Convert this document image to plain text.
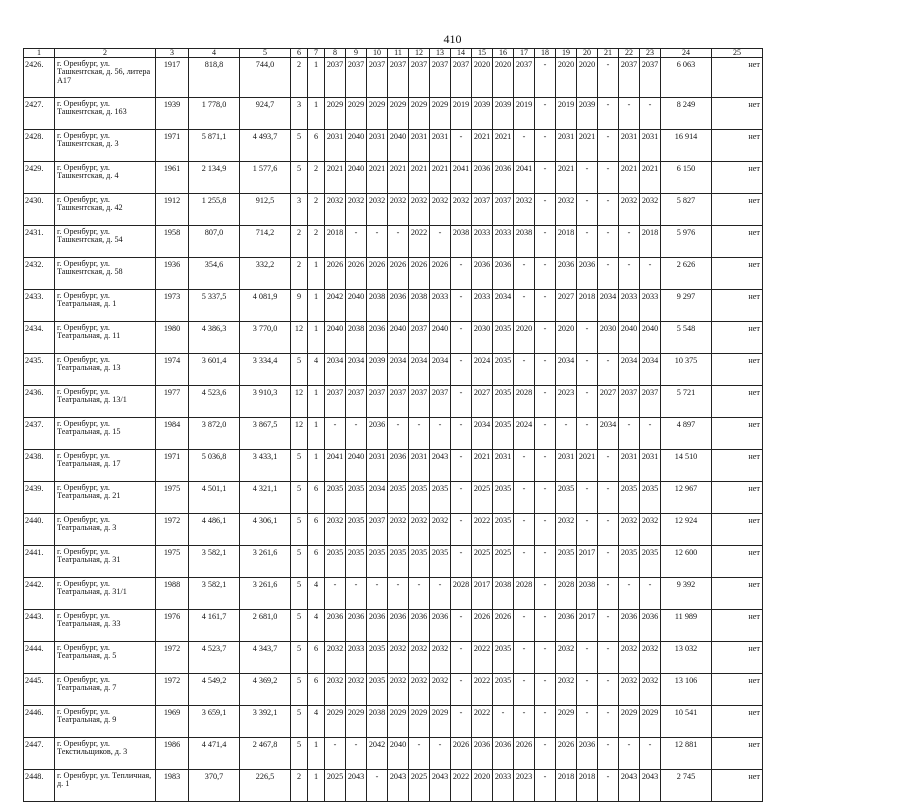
410
1	2	3	4	5	6	7	8	9	10	11	12	13	14	15	16	17	18	19	20	21	22	23	24	25
2426.	г. Оренбург, ул. Ташкентская, д. 56, литера А17	1917	818,8	744,0	2	1	2037	2037	2037	2037	2037	2037	2037	2020	2020	2037	-	2020	2020	-	2037	2037	6 063	нет
2427.	г. Оренбург, ул. Ташкентская, д. 163	1939	1 778,0	924,7	3	1	2029	2029	2029	2029	2029	2029	2019	2039	2039	2019	-	2019	2039	-	-	-	8 249	нет
2428.	г. Оренбург, ул. Ташкентская, д. 3	1971	5 871,1	4 493,7	5	6	2031	2040	2031	2040	2031	2031	-	2021	2021	-	-	2031	2021	-	2031	2031	16 914	нет
2429.	г. Оренбург, ул. Ташкентская, д. 4	1961	2 134,9	1 577,6	5	2	2021	2040	2021	2021	2021	2021	2041	2036	2036	2041	-	2021	-	-	2021	2021	6 150	нет
2430.	г. Оренбург, ул. Ташкентская, д. 42	1912	1 255,8	912,5	3	2	2032	2032	2032	2032	2032	2032	2032	2037	2037	2032	-	2032	-	-	2032	2032	5 827	нет
2431.	г. Оренбург, ул. Ташкентская, д. 54	1958	807,0	714,2	2	2	2018	-	-	-	2022	-	2038	2033	2033	2038	-	2018	-	-	-	2018	5 976	нет
2432.	г. Оренбург, ул. Ташкентская, д. 58	1936	354,6	332,2	2	1	2026	2026	2026	2026	2026	2026	-	2036	2036	-	-	2036	2036	-	-	-	2 626	нет
2433.	г. Оренбург, ул. Театральная, д. 1	1973	5 337,5	4 081,9	9	1	2042	2040	2038	2036	2038	2033	-	2033	2034	-	-	2027	2018	2034	2033	2033	9 297	нет
2434.	г. Оренбург, ул. Театральная, д. 11	1980	4 386,3	3 770,0	12	1	2040	2038	2036	2040	2037	2040	-	2030	2035	2020	-	2020	-	2030	2040	2040	5 548	нет
2435.	г. Оренбург, ул. Театральная, д. 13	1974	3 601,4	3 334,4	5	4	2034	2034	2039	2034	2034	2034	-	2024	2035	-	-	2034	-	-	2034	2034	10 375	нет
2436.	г. Оренбург, ул. Театральная, д. 13/1	1977	4 523,6	3 910,3	12	1	2037	2037	2037	2037	2037	2037	-	2027	2035	2028	-	2023	-	2027	2037	2037	5 721	нет
2437.	г. Оренбург, ул. Театральная, д. 15	1984	3 872,0	3 867,5	12	1	-	-	2036	-	-	-	-	2034	2035	2024	-	-	-	2034	-	-	4 897	нет
2438.	г. Оренбург, ул. Театральная, д. 17	1971	5 036,8	3 433,1	5	1	2041	2040	2031	2036	2031	2043	-	2021	2031	-	-	2031	2021	-	2031	2031	14 510	нет
2439.	г. Оренбург, ул. Театральная, д. 21	1975	4 501,1	4 321,1	5	6	2035	2035	2034	2035	2035	2035	-	2025	2035	-	-	2035	-	-	2035	2035	12 967	нет
2440.	г. Оренбург, ул. Театральная, д. 3	1972	4 486,1	4 306,1	5	6	2032	2035	2037	2032	2032	2032	-	2022	2035	-	-	2032	-	-	2032	2032	12 924	нет
2441.	г. Оренбург, ул. Театральная, д. 31	1975	3 582,1	3 261,6	5	6	2035	2035	2035	2035	2035	2035	-	2025	2025	-	-	2035	2017	-	2035	2035	12 600	нет
2442.	г. Оренбург, ул. Театральная, д. 31/1	1988	3 582,1	3 261,6	5	4	-	-	-	-	-	-	2028	2017	2038	2028	-	2028	2038	-	-	-	9 392	нет
2443.	г. Оренбург, ул. Театральная, д. 33	1976	4 161,7	2 681,0	5	4	2036	2036	2036	2036	2036	2036	-	2026	2026	-	-	2036	2017	-	2036	2036	11 989	нет
2444.	г. Оренбург, ул. Театральная, д. 5	1972	4 523,7	4 343,7	5	6	2032	2033	2035	2032	2032	2032	-	2022	2035	-	-	2032	-	-	2032	2032	13 032	нет
2445.	г. Оренбург, ул. Театральная, д. 7	1972	4 549,2	4 369,2	5	6	2032	2032	2035	2032	2032	2032	-	2022	2035	-	-	2032	-	-	2032	2032	13 106	нет
2446.	г. Оренбург, ул. Театральная, д. 9	1969	3 659,1	3 392,1	5	4	2029	2029	2038	2029	2029	2029	-	2022	-	-	-	2029	-	-	2029	2029	10 541	нет
2447.	г. Оренбург, ул. Текстильщиков, д. 3	1986	4 471,4	2 467,8	5	1	-	-	2042	2040	-	-	2026	2036	2036	2026	-	2026	2036	-	-	-	12 881	нет
2448.	г. Оренбург, ул. Тепличная, д. 1	1983	370,7	226,5	2	1	2025	2043	-	2043	2025	2043	2022	2020	2033	2023	-	2018	2018	-	2043	2043	2 745	нет
